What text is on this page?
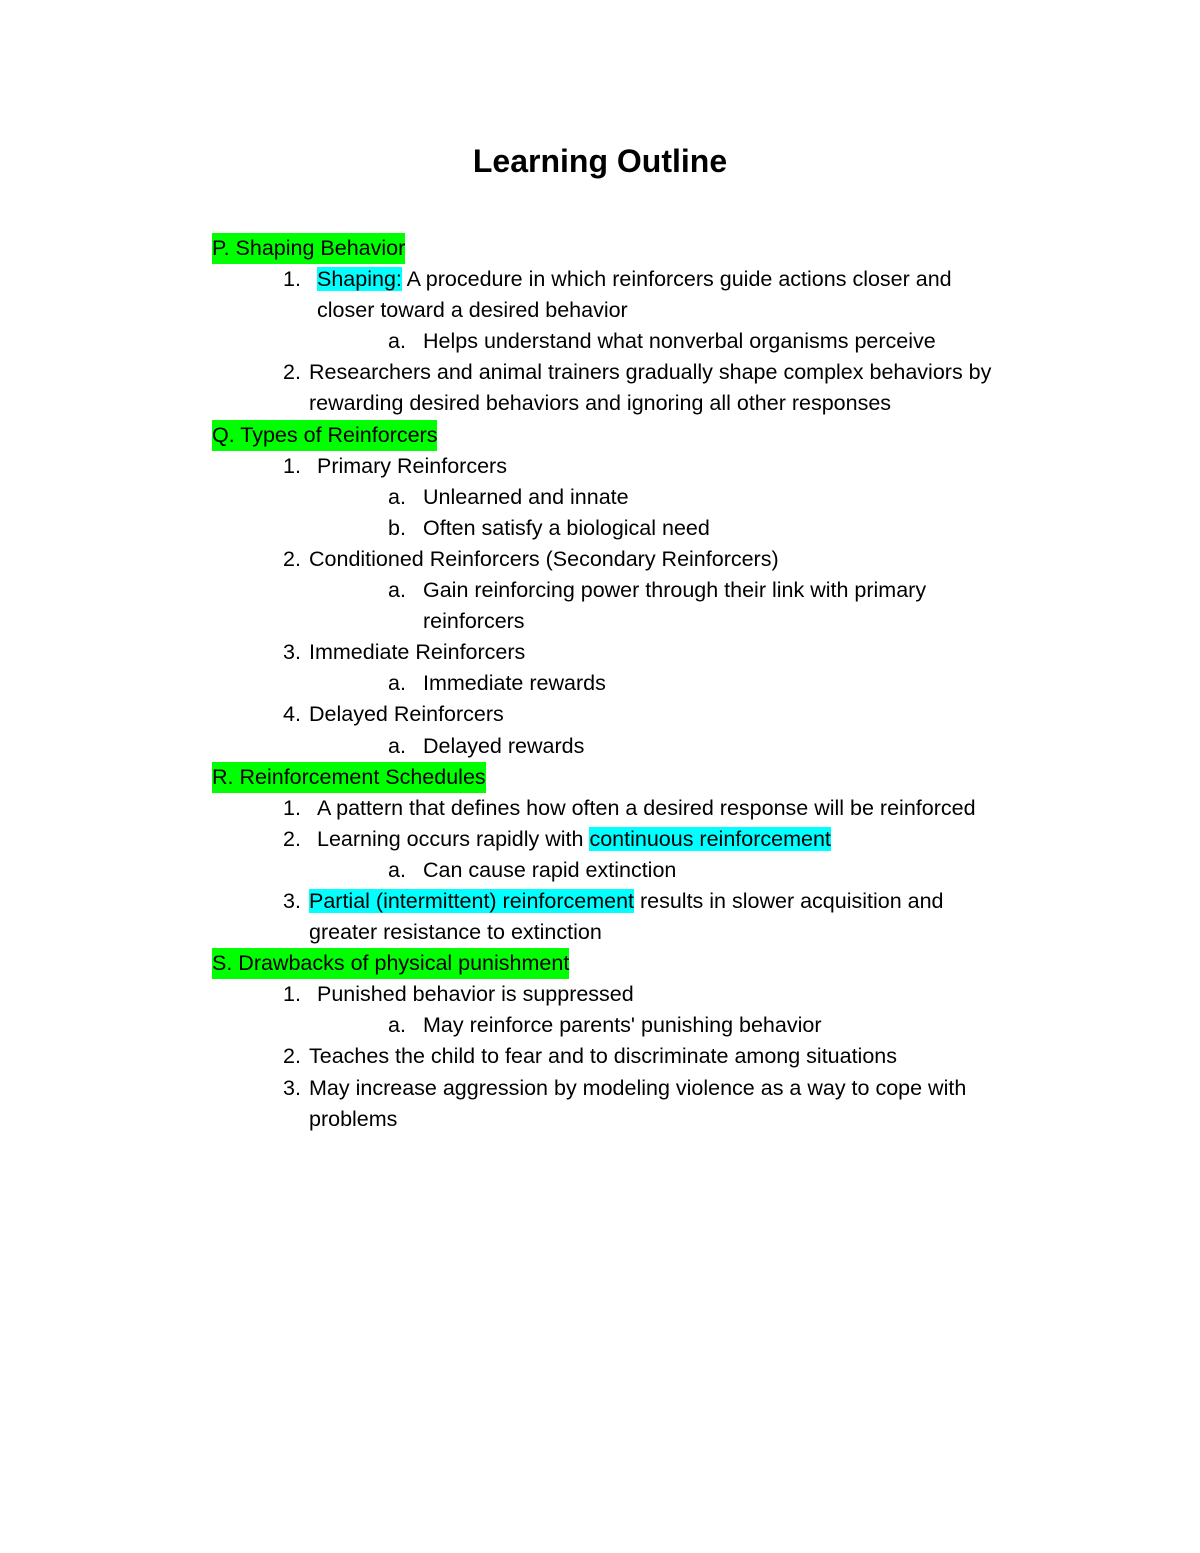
Learning Outline
P. Shaping Behavior
1. Shaping: A procedure in which reinforcers guide actions closer and
closer toward a desired behavior
a. Helps understand what nonverbal organisms perceive
2. Researchers and animal trainers gradually shape complex behaviors by
rewarding desired behaviors and ignoring all other responses
Q. Types of Reinforcers
1. Primary Reinforcers
a. Unlearned and innate
b. Often satisfy a biological need
2. Conditioned Reinforcers (Secondary Reinforcers)
a. Gain reinforcing power through their link with primary
reinforcers
3. Immediate Reinforcers
a. Immediate rewards
4. Delayed Reinforcers
a. Delayed rewards
R. Reinforcement Schedules
1. A pattern that defines how often a desired response will be reinforced
2. Learning occurs rapidly with continuous reinforcement
a. Can cause rapid extinction
3. Partial (intermittent) reinforcement results in slower acquisition and
greater resistance to extinction
S. Drawbacks of physical punishment
1. Punished behavior is suppressed
a. May reinforce parents' punishing behavior
2. Teaches the child to fear and to discriminate among situations
3. May increase aggression by modeling violence as a way to cope with
problems
